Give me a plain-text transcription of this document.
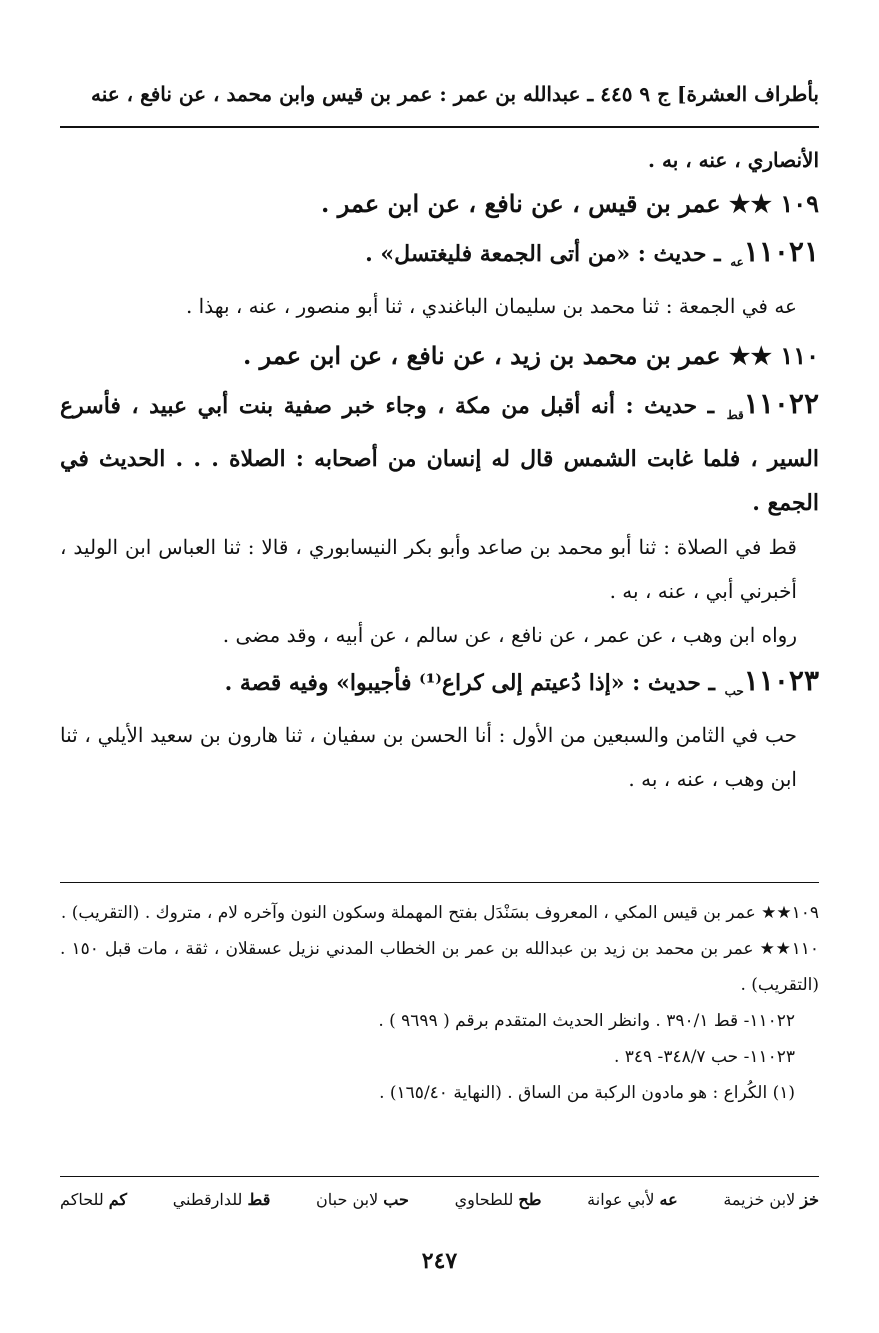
بأطراف العشرة] ج ٩ ٤٤٥ ـ عبدالله بن عمر : عمر بن قيس وابن محمد ، عن نافع ، عنه

الأنصاري ، عنه ، به .

١٠٩ ★★ عمر بن قيس ، عن نافع ، عن ابن عمر .

١١٠٢١عه ـ حديث : «من أتى الجمعة فليغتسل» .

عه في الجمعة : ثنا محمد بن سليمان الباغندي ، ثنا أبو منصور ، عنه ، بهذا .

١١٠ ★★ عمر بن محمد بن زيد ، عن نافع ، عن ابن عمر .

١١٠٢٢قط ـ حديث : أنه أقبل من مكة ، وجاء خبر صفية بنت أبي عبيد ، فأسرع السير ، فلما غابت الشمس قال له إنسان من أصحابه : الصلاة . . . الحديث في الجمع .

قط في الصلاة : ثنا أبو محمد بن صاعد وأبو بكر النيسابوري ، قالا : ثنا العباس ابن الوليد ، أخبرني أبي ، عنه ، به .

رواه ابن وهب ، عن عمر ، عن نافع ، عن سالم ، عن أبيه ، وقد مضى .

١١٠٢٣حب ـ حديث : «إذا دُعيتم إلى كراع⁽¹⁾ فأجيبوا» وفيه قصة .

حب في الثامن والسبعين من الأول : أنا الحسن بن سفيان ، ثنا هارون بن سعيد الأيلي ، ثنا ابن وهب ، عنه ، به .

١٠٩★★ عمر بن قيس المكي ، المعروف بسَنْدَل بفتح المهملة وسكون النون وآخره لام ، متروك . (التقريب) .

١١٠★★ عمر بن محمد بن زيد بن عبدالله بن عمر بن الخطاب المدني نزيل عسقلان ، ثقة ، مات قبل ١٥٠ . (التقريب) .

١١٠٢٢- قط ٣٩٠/١ . وانظر الحديث المتقدم برقم ( ٩٦٩٩ ) .

١١٠٢٣- حب ٣٤٨/٧- ٣٤٩ .

(١) الكُراع : هو مادون الركبة من الساق . (النهاية ١٦٥/٤٠) .

خز لابن خزيمة
عه لأبي عوانة
طح للطحاوي
حب لابن حبان
قط للدارقطني
كم للحاكم
٢٤٧
